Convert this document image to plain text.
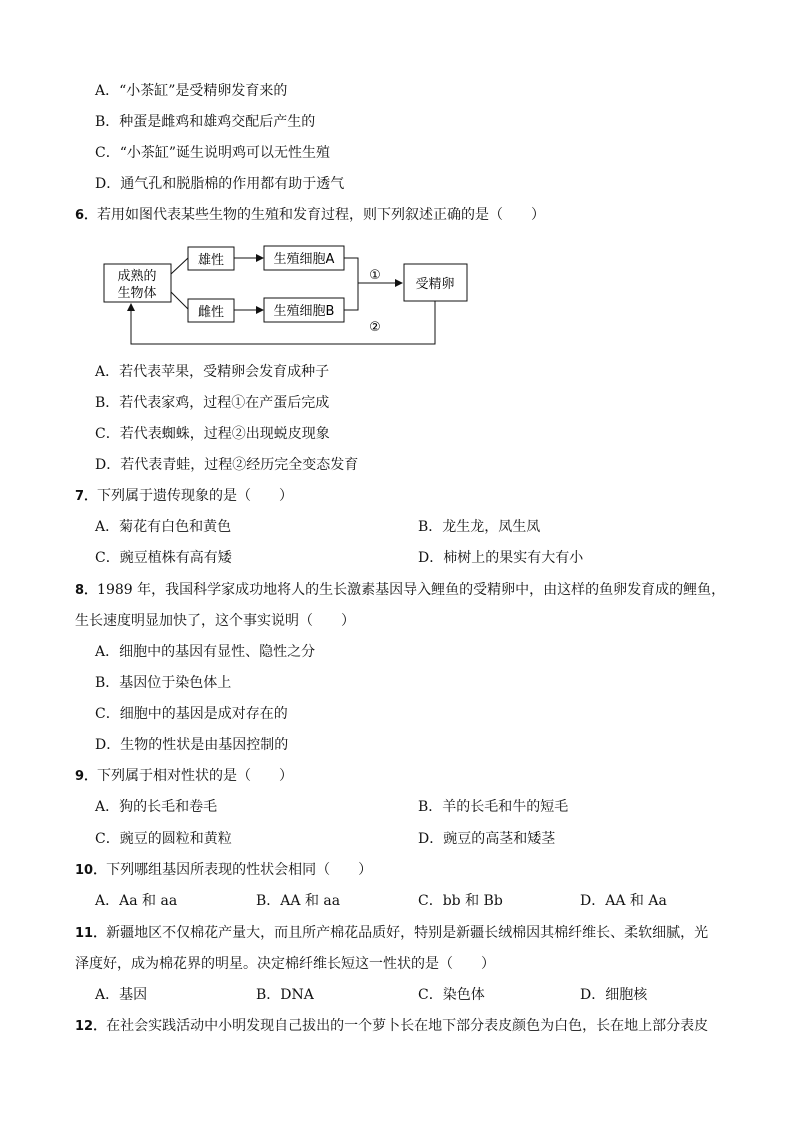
A．“小茶缸”是受精卵发育来的
B．种蛋是雌鸡和雄鸡交配后产生的
C．“小茶缸”诞生说明鸡可以无性生殖
D．通气孔和脱脂棉的作用都有助于透气
6．若用如图代表某些生物的生殖和发育过程，则下列叙述正确的是（　　）
成熟的
生物体
雄性
雌性
生殖细胞A
生殖细胞B
①
受精卵
②
A．若代表苹果，受精卵会发育成种子
B．若代表家鸡，过程①在产蛋后完成
C．若代表蜘蛛，过程②出现蜕皮现象
D．若代表青蛙，过程②经历完全变态发育
7．下列属于遗传现象的是（　　）
A．菊花有白色和黄色	B．龙生龙，凤生凤
C．豌豆植株有高有矮	D．柿树上的果实有大有小
8．1989 年，我国科学家成功地将人的生长激素基因导入鲤鱼的受精卵中，由这样的鱼卵发育成的鲤鱼，
生长速度明显加快了，这个事实说明（　　）
A．细胞中的基因有显性、隐性之分
B．基因位于染色体上
C．细胞中的基因是成对存在的
D．生物的性状是由基因控制的
9．下列属于相对性状的是（　　）
A．狗的长毛和卷毛	B．羊的长毛和牛的短毛
C．豌豆的圆粒和黄粒	D．豌豆的高茎和矮茎
10．下列哪组基因所表现的性状会相同（　　）
A．Aa 和 aa	B．AA 和 aa	C．bb 和 Bb	D．AA 和 Aa
11．新疆地区不仅棉花产量大，而且所产棉花品质好，特别是新疆长绒棉因其棉纤维长、柔软细腻，光
泽度好，成为棉花界的明星。决定棉纤维长短这一性状的是（　　）
A．基因	B．DNA	C．染色体	D．细胞核
12．在社会实践活动中小明发现自己拔出的一个萝卜长在地下部分表皮颜色为白色，长在地上部分表皮
